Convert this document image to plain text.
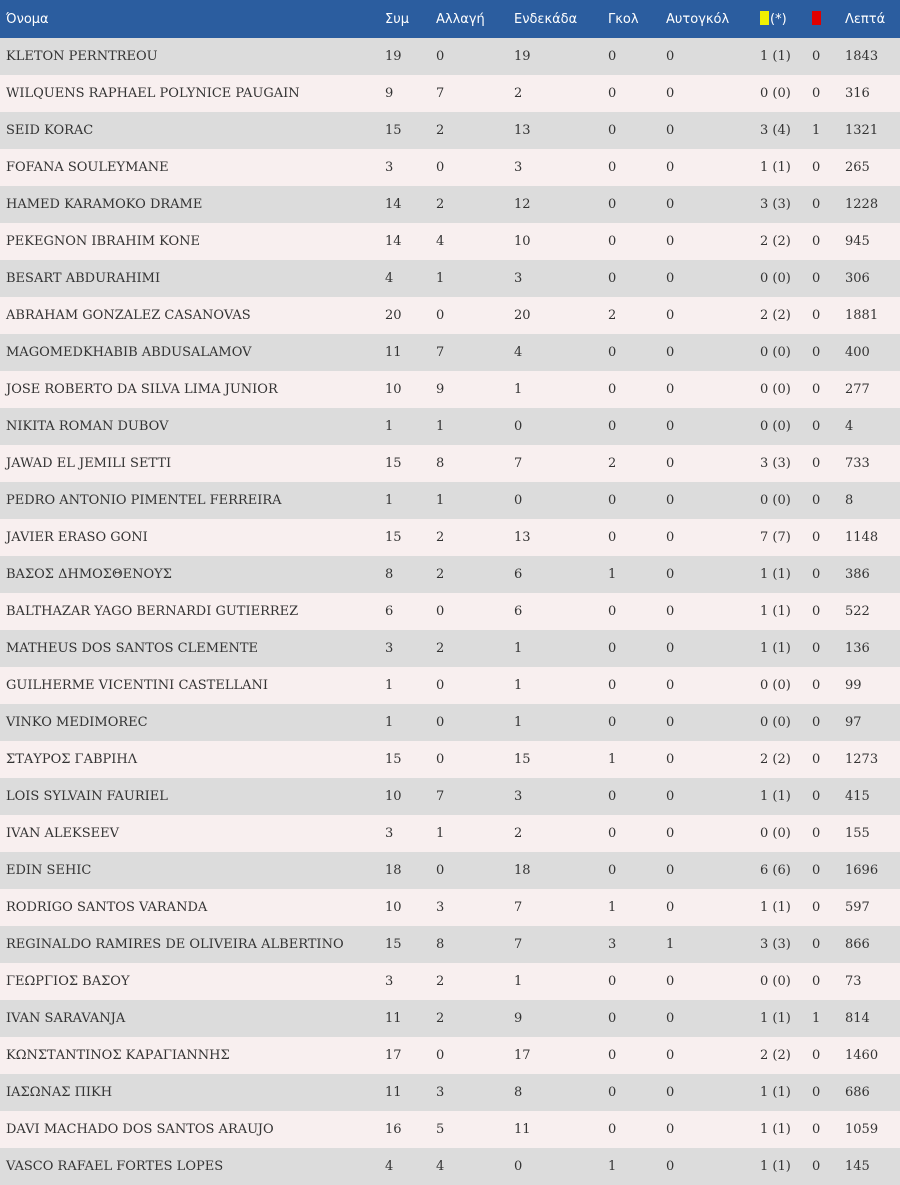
Όνομα	Συμ	Αλλαγή	Ενδεκάδα	Γκολ	Αυτογκόλ	(*)		Λεπτά
KLETON PERNTREOU	19	0	19	0	0	1 (1)	0	1843
WILQUENS RAPHAEL POLYNICE PAUGAIN	9	7	2	0	0	0 (0)	0	316
SEID KORAC	15	2	13	0	0	3 (4)	1	1321
FOFANA SOULEYMANE	3	0	3	0	0	1 (1)	0	265
HAMED KARAMOKO DRAME	14	2	12	0	0	3 (3)	0	1228
PEKEGNON IBRAHIM KONE	14	4	10	0	0	2 (2)	0	945
BESART ABDURAHIMI	4	1	3	0	0	0 (0)	0	306
ABRAHAM GONZALEZ CASANOVAS	20	0	20	2	0	2 (2)	0	1881
MAGOMEDKHABIB ABDUSALAMOV	11	7	4	0	0	0 (0)	0	400
JOSE ROBERTO DA SILVA LIMA JUNIOR	10	9	1	0	0	0 (0)	0	277
NIKITA ROMAN DUBOV	1	1	0	0	0	0 (0)	0	4
JAWAD EL JEMILI SETTI	15	8	7	2	0	3 (3)	0	733
PEDRO ANTONIO PIMENTEL FERREIRA	1	1	0	0	0	0 (0)	0	8
JAVIER ERASO GONI	15	2	13	0	0	7 (7)	0	1148
ΒΑΣΟΣ ΔΗΜΟΣΘΕΝΟΥΣ	8	2	6	1	0	1 (1)	0	386
BALTHAZAR YAGO BERNARDI GUTIERREZ	6	0	6	0	0	1 (1)	0	522
MATHEUS DOS SANTOS CLEMENTE	3	2	1	0	0	1 (1)	0	136
GUILHERME VICENTINI CASTELLANI	1	0	1	0	0	0 (0)	0	99
VINKO MEDIMOREC	1	0	1	0	0	0 (0)	0	97
ΣΤΑΥΡΟΣ ΓΑΒΡΙΗΛ	15	0	15	1	0	2 (2)	0	1273
LOIS SYLVAIN FAURIEL	10	7	3	0	0	1 (1)	0	415
IVAN ALEKSEEV	3	1	2	0	0	0 (0)	0	155
EDIN SEHIC	18	0	18	0	0	6 (6)	0	1696
RODRIGO SANTOS VARANDA	10	3	7	1	0	1 (1)	0	597
REGINALDO RAMIRES DE OLIVEIRA ALBERTINO	15	8	7	3	1	3 (3)	0	866
ΓΕΩΡΓΙΟΣ ΒΑΣΟΥ	3	2	1	0	0	0 (0)	0	73
IVAN SARAVANJA	11	2	9	0	0	1 (1)	1	814
ΚΩΝΣΤΑΝΤΙΝΟΣ ΚΑΡΑΓΙΑΝΝΗΣ	17	0	17	0	0	2 (2)	0	1460
ΙΑΣΩΝΑΣ ΠΙΚΗ	11	3	8	0	0	1 (1)	0	686
DAVI MACHADO DOS SANTOS ARAUJO	16	5	11	0	0	1 (1)	0	1059
VASCO RAFAEL FORTES LOPES	4	4	0	1	0	1 (1)	0	145
